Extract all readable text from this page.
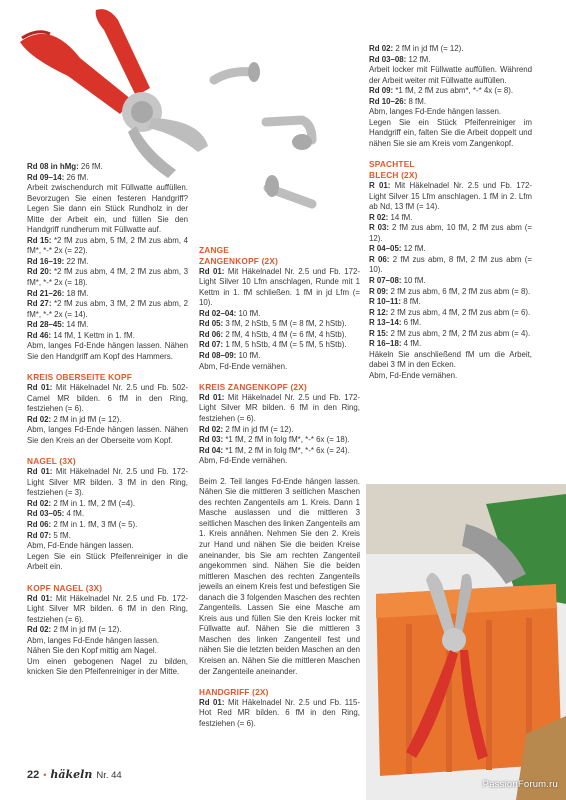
Rd 08 in hMg: 26 fM.

Rd 09–14: 26 fM.

Arbeit zwischendurch mit Füllwatte auffüllen. Bevorzugen Sie einen festeren Handgriff? Legen Sie dann ein Stück Rundholz in der Mitte der Arbeit ein, und füllen Sie den Handgriff rundherum mit Füllwatte auf.

Rd 15: *2 fM zus abm, 5 fM, 2 fM zus abm, 4 fM*, *-* 2x (= 22).

Rd 16–19: 22 fM.

Rd 20: *2 fM zus abm, 4 fM, 2 fM zus abm, 3 fM*, *-* 2x (= 18).

Rd 21–26: 18 fM.

Rd 27: *2 fM zus abm, 3 fM, 2 fM zus abm, 2 fM*, *-* 2x (= 14).

Rd 28–45: 14 fM.

Rd 46: 14 fM, 1 Kettm in 1. fM.

Abm, langes Fd-Ende hängen lassen. Nähen Sie den Handgriff am Kopf des Hammers.

KREIS OBERSEITE KOPF

Rd 01: Mit Häkelnadel Nr. 2.5 und Fb. 502-Camel MR bilden. 6 fM in den Ring, festziehen (= 6).

Rd 02: 2 fM in jd fM (= 12).

Abm, langes Fd-Ende hängen lassen. Nähen Sie den Kreis an der Oberseite vom Kopf.

NAGEL (3X)

Rd 01: Mit Häkelnadel Nr. 2.5 und Fb. 172-Light Silver MR bilden. 3 fM in den Ring, festziehen (= 3).

Rd 02: 2 fM in 1. fM, 2 fM (=4).

Rd 03–05: 4 fM.

Rd 06: 2 fM in 1. fM, 3 fM (= 5).

Rd 07: 5 fM.

Abm, Fd-Ende hängen lassen.

Legen Sie ein Stück Pfeifenreiniger in die Arbeit ein.

KOPF NAGEL (3X)

Rd 01: Mit Häkelnadel Nr. 2.5 und Fb. 172-Light Silver MR bilden. 6 fM in den Ring, festziehen (= 6).

Rd 02: 2 fM in jd fM (= 12).

Abm, langes Fd-Ende hängen lassen.

Nähen Sie den Kopf mittig am Nagel.

Um einen gebogenen Nagel zu bilden, knicken Sie den Pfeifenreiniger in der Mitte.

ZANGE
ZANGENKOPF (2X)

Rd 01: Mit Häkelnadel Nr. 2.5 und Fb. 172-Light Silver 10 Lfm anschlagen, Runde mit 1 Kettm in 1. fM schließen. 1 fM in jd Lfm (= 10).

Rd 02–04: 10 fM.

Rd 05: 3 fM, 2 hStb, 5 fM (= 8 fM, 2 hStb).

Rd 06: 2 fM, 4 hStb, 4 fM (= 6 fM, 4 hStb).

Rd 07: 1 fM, 5 hStb, 4 fM (= 5 fM, 5 hStb).

Rd 08–09: 10 fM.

Abm, Fd-Ende vernähen.

KREIS ZANGENKOPF (2X)

Rd 01: Mit Häkelnadel Nr. 2.5 und Fb. 172-Light Silver MR bilden. 6 fM in den Ring, festziehen (= 6).

Rd 02: 2 fM in jd fM (= 12).

Rd 03: *1 fM, 2 fM in folg fM*, *-* 6x (= 18).

Rd 04: *1 fM, 2 fM in folg fM*, *-* 6x (= 24).

Abm, Fd-Ende vernähen.

Beim 2. Teil langes Fd-Ende hängen lassen. Nähen Sie die mittleren 3 seitlichen Maschen des rechten Zangenteils am 1. Kreis. Dann 1 Masche auslassen und die mittleren 3 seitlichen Maschen des linken Zangenteils am 1. Kreis annähen. Nehmen Sie den 2. Kreis zur Hand und nähen Sie die beiden Kreise aneinander, bis Sie am rechten Zangenteil angekommen sind. Nähen Sie die beiden mittleren Maschen des rechten Zangenteils jeweils an einem Kreis fest und befestigen Sie danach die 3 folgenden Maschen des rechten Zangenteils. Lassen Sie eine Masche am Kreis aus und füllen Sie den Kreis locker mit Füllwatte auf. Nähen Sie die mittleren 3 Maschen des linken Zangenteil fest und nähen Sie die letzten beiden Maschen an den Kreisen an. Nähen Sie die mittleren Maschen der Zangenteile aneinander.

HANDGRIFF (2X)

Rd 01: Mit Häkelnadel Nr. 2.5 und Fb. 115-Hot Red MR bilden. 6 fM in den Ring, festziehen (= 6).

Rd 02: 2 fM in jd fM (= 12).

Rd 03–08: 12 fM.

Arbeit locker mit Füllwatte auffüllen. Während der Arbeit weiter mit Füllwatte auffüllen.

Rd 09: *1 fM, 2 fM zus abm*, *-* 4x (= 8).

Rd 10–26: 8 fM.

Abm, langes Fd-Ende hängen lassen.

Legen Sie ein Stück Pfeifenreiniger im Handgriff ein, falten Sie die Arbeit doppelt und nähen Sie sie am Kreis vom Zangenkopf.

SPACHTEL
BLECH (2X)

R 01: Mit Häkelnadel Nr. 2.5 und Fb. 172-Light Silver 15 Lfm anschlagen. 1 fM in 2. Lfm ab Nd, 13 fM (= 14).

R 02: 14 fM.

R 03: 2 fM zus abm, 10 fM, 2 fM zus abm (= 12).

R 04–05: 12 fM.

R 06: 2 fM zus abm, 8 fM, 2 fM zus abm (= 10).

R 07–08: 10 fM.

R 09: 2 fM zus abm, 6 fM, 2 fM zus abm (= 8).

R 10–11: 8 fM.

R 12: 2 fM zus abm, 4 fM, 2 fM zus abm (= 6).

R 13–14: 6 fM.

R 15: 2 fM zus abm, 2 fM, 2 fM zus abm (= 4).

R 16–18: 4 fM.

Häkeln Sie anschließend fM um die Arbeit, dabei 3 fM in den Ecken.

Abm, Fd-Ende vernähen.

22 • häkeln Nr. 44
PassionForum.ru
